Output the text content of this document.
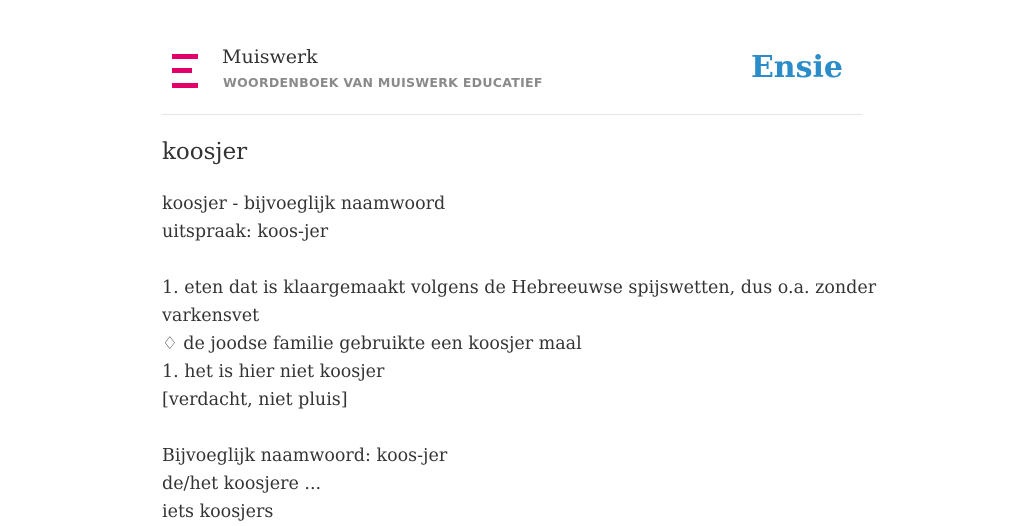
Muiswerk
WOORDENBOEK VAN MUISWERK EDUCATIEF	Ensie
koosjer
koosjer - bijvoeglijk naamwoord
uitspraak: koos-jer
1. eten dat is klaargemaakt volgens de Hebreeuwse spijswetten, dus o.a. zonder
varkensvet
♢ de joodse familie gebruikte een koosjer maal
1. het is hier niet koosjer
[verdacht, niet pluis]
Bijvoeglijk naamwoord: koos-jer
de/het koosjere ...
iets koosjers
